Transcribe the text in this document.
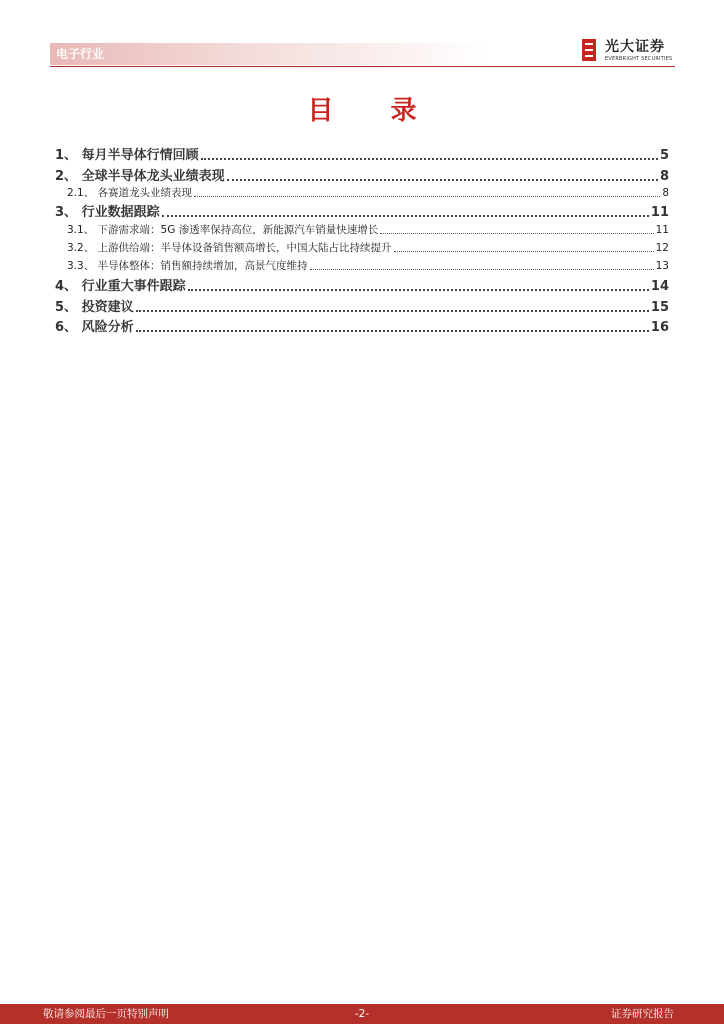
电子行业	光大证券
EVERBRIGHT SECURITIES
目 录
1、 每月半导体行情回顾	5
2、 全球半导体龙头业绩表现	8
2.1、 各赛道龙头业绩表现	8
3、 行业数据跟踪	11
3.1、 下游需求端：5G 渗透率保持高位，新能源汽车销量快速增长	11
3.2、 上游供给端：半导体设备销售额高增长，中国大陆占比持续提升	12
3.3、 半导体整体：销售额持续增加，高景气度维持	13
4、 行业重大事件跟踪	14
5、 投资建议	15
6、 风险分析	16
敬请参阅最后一页特别声明	-2-	证券研究报告
